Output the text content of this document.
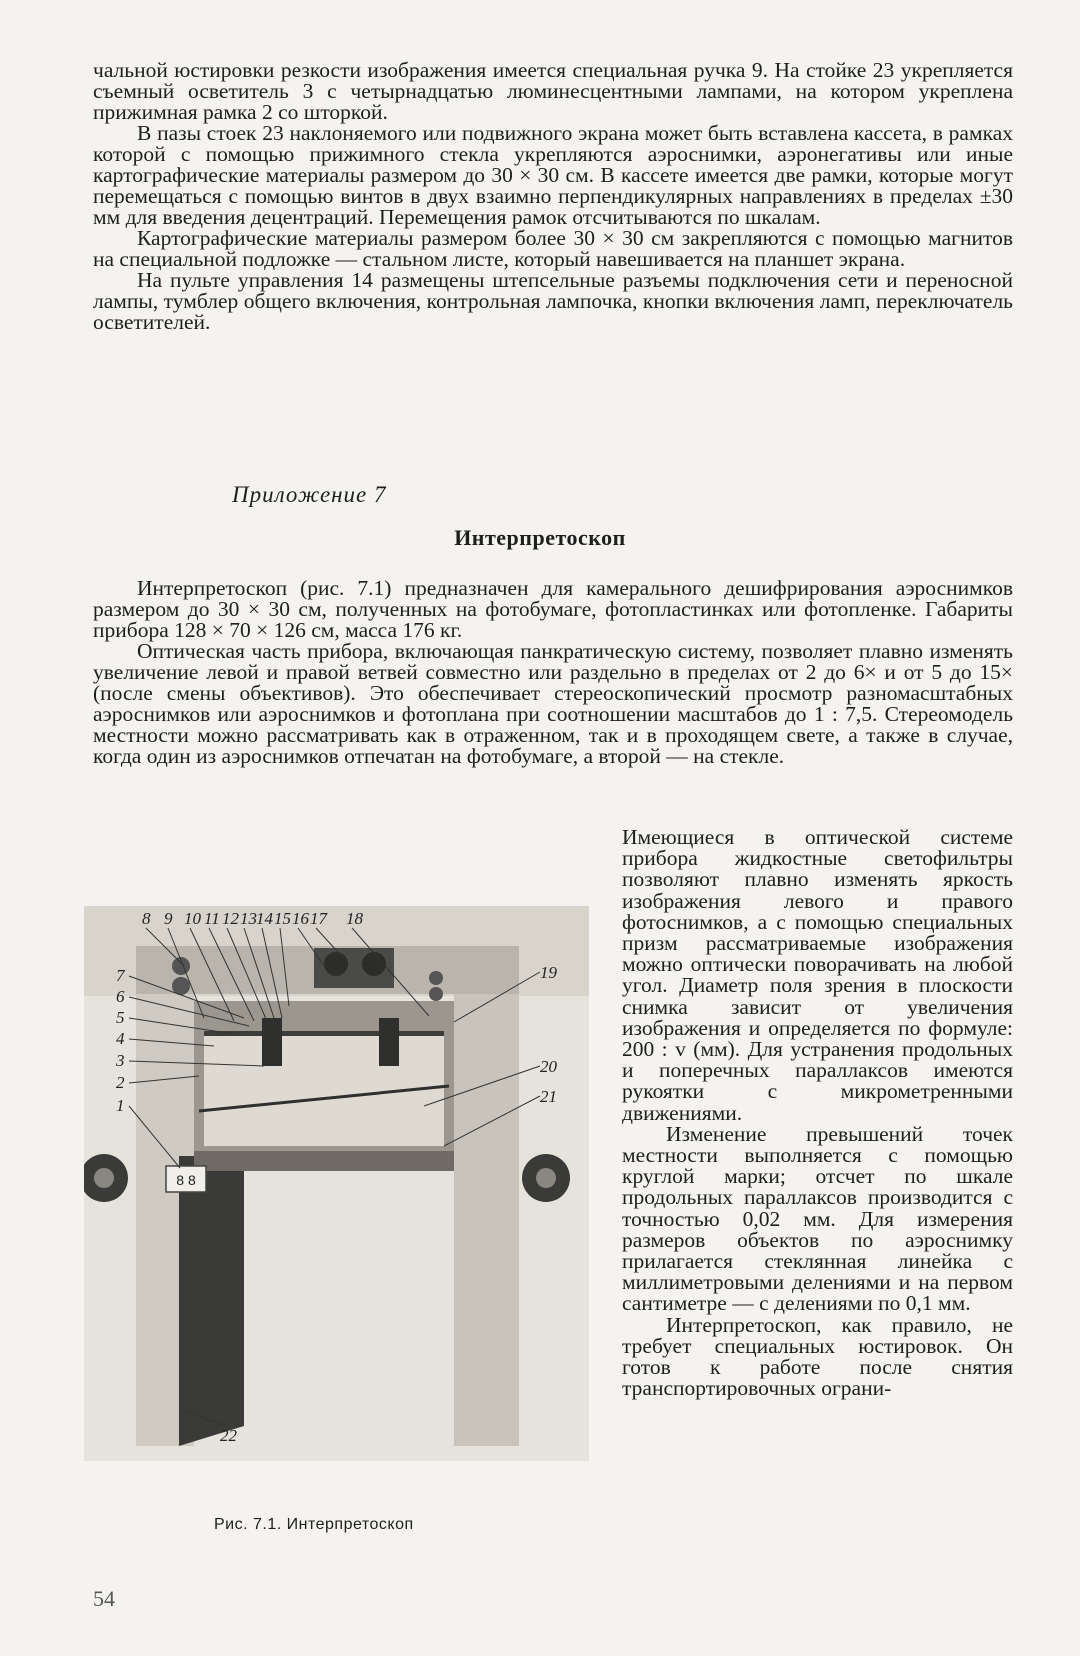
чальной юстировки резкости изображения имеется специальная ручка 9. На стойке 23 укрепляется съемный осветитель 3 с четырнадцатью люминесцентными лампами, на котором укреплена прижимная рамка 2 со шторкой.

В пазы стоек 23 наклоняемого или подвижного экрана может быть вставлена кассета, в рамках которой с помощью прижимного стекла укрепляются аэроснимки, аэронегативы или иные картографические материалы размером до 30 × 30 см. В кассете имеется две рамки, которые могут перемещаться с помощью винтов в двух взаимно перпендикулярных направлениях в пределах ±30 мм для введения децентраций. Перемещения рамок отсчитываются по шкалам.

Картографические материалы размером более 30 × 30 см закрепляются с помощью магнитов на специальной подложке — стальном листе, который навешивается на планшет экрана.

На пульте управления 14 размещены штепсельные разъемы подключения сети и переносной лампы, тумблер общего включения, контрольная лампочка, кнопки включения ламп, переключатель осветителей.

Приложение 7
Интерпретоскоп

Интерпретоскоп (рис. 7.1) предназначен для камерального дешифрирования аэроснимков размером до 30 × 30 см, полученных на фотобумаге, фотопластинках или фотопленке. Габариты прибора 128 × 70 × 126 см, масса 176 кг.

Оптическая часть прибора, включающая панкратическую систему, позволяет плавно изменять увеличение левой и правой ветвей совместно или раздельно в пределах от 2 до 6× и от 5 до 15× (после смены объективов). Это обеспечивает стереоскопический просмотр разномасштабных аэроснимков или аэроснимков и фотоплана при соотношении масштабов до 1 : 7,5. Стереомодель местности можно рассматривать как в отраженном, так и в проходящем свете, а также в случае, когда один из аэроснимков отпечатан на фотобумаге, а второй — на стекле.

Имеющиеся в оптической системе прибора жидкостные светофильтры позволяют плавно изменять яркость изображения левого и правого фотоснимков, а с помощью специальных призм рассматриваемые изображения можно оптически поворачивать на любой угол. Диаметр поля зрения в плоскости снимка зависит от увеличения изображения и определяется по формуле: 200 : v (мм). Для устранения продольных и поперечных параллаксов имеются рукоятки с микрометренными движениями.

Изменение превышений точек местности выполняется с помощью круглой марки; отсчет по шкале продольных параллаксов производится с точностью 0,02 мм. Для измерения размеров объектов по аэроснимку прилагается стеклянная линейка с миллиметровыми делениями и на первом сантиметре — с делениями по 0,1 мм.

Интерпретоскоп, как правило, не требует специальных юстировок. Он готов к работе после снятия транспортировочных ограни-

8 8
8 9 10 11 12 13 14 15 16 17 18
7
6
5
4
3
2
1
19
20
21
22
Рис. 7.1. Интерпретоскоп
54
